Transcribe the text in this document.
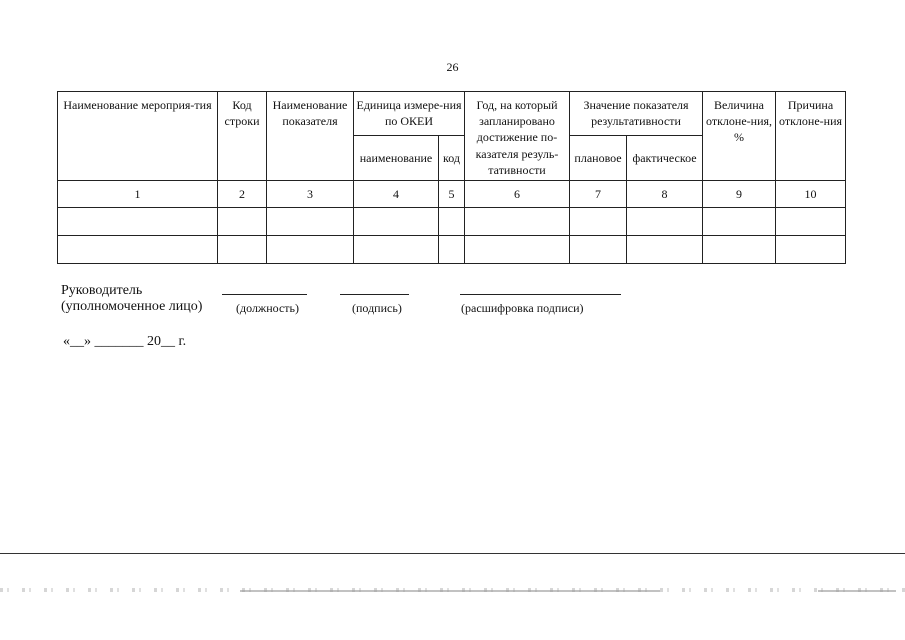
26
Наименование мероприя-тия	Код строки	Наименование показателя	Единица измере-ния по ОКЕИ		Год, на который запланировано достижение по-казателя резуль-тативности	Значение показателя результативности		Величина отклоне-ния, %	Причина отклоне-ния
			наименование	код		плановое	фактическое		
1	2	3	4	5	6	7	8	9	10

Руководитель
(уполномоченное лицо)	(должность)	(подпись)	(расшифровка подписи)
«__» _______ 20__ г.
